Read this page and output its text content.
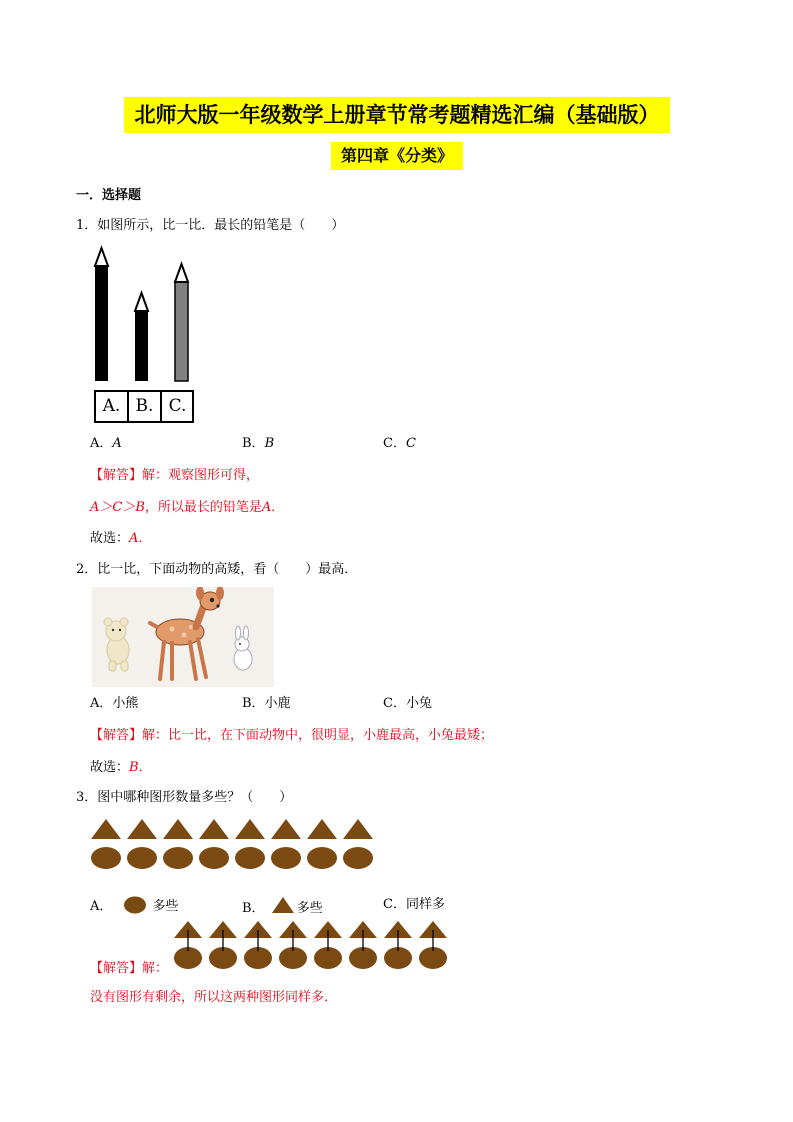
北师大版一年级数学上册章节常考题精选汇编（基础版）
第四章《分类》
一．选择题
1．如图所示，比一比．最长的铅笔是（　　）
A. B. C.
A．A	B．B	C．C
【解答】解：观察图形可得，
A＞C＞B，所以最长的铅笔是A．
故选：A．
2．比一比，下面动物的高矮，看（　　）最高．
A．小熊	B．小鹿	C．小兔
【解答】解：比一比，在下面动物中，很明显，小鹿最高，小兔最矮；
故选：B．
3．图中哪种图形数量多些？（　　）
A．	多些	B． 多些	C．同样多
【解答】解：
没有图形有剩余，所以这两种图形同样多．
